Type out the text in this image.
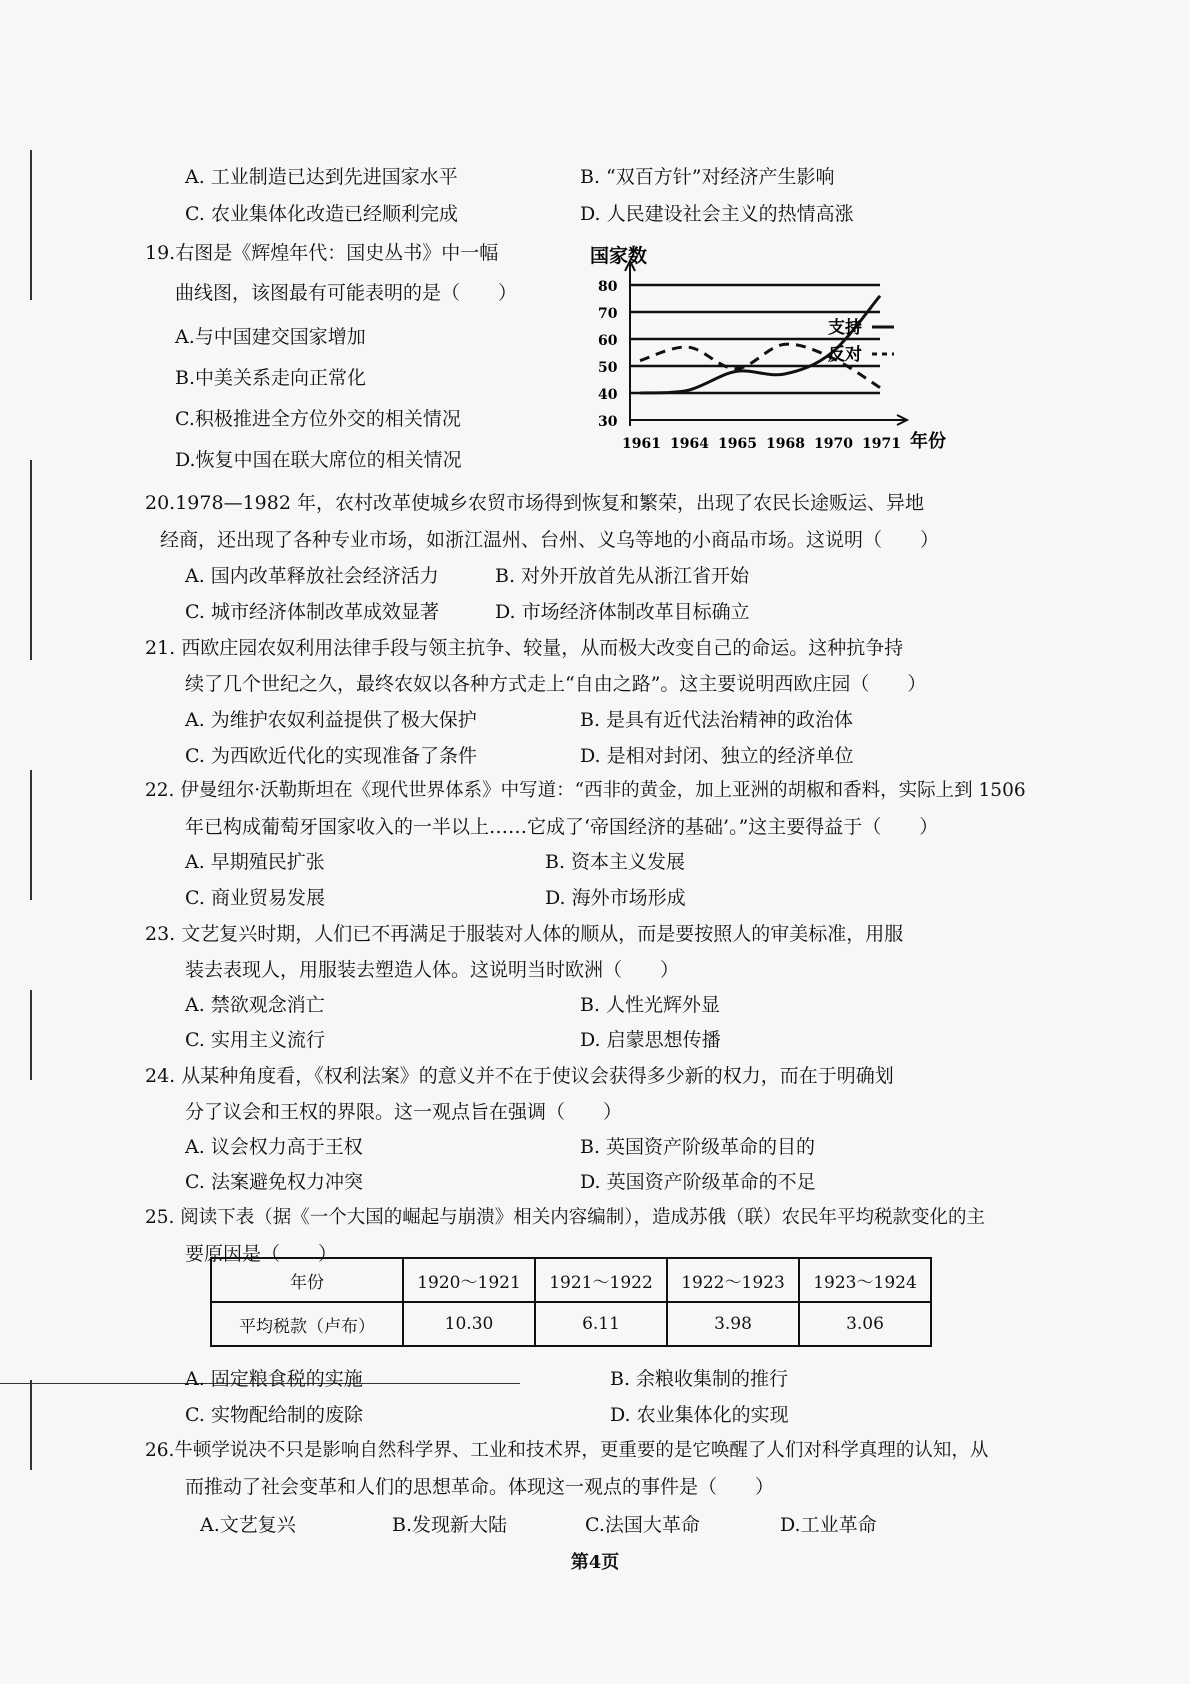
A. 工业制造已达到先进国家水平	B. “双百方针”对经济产生影响
C. 农业集体化改造已经顺利完成	D. 人民建设社会主义的热情高涨
19.右图是《辉煌年代：国史丛书》中一幅
曲线图，该图最有可能表明的是（　　）
A.与中国建交国家增加
B.中美关系走向正常化
C.积极推进全方位外交的相关情况
D.恢复中国在联大席位的相关情况
国家数
80
70
60
50
40
30
1961 1964 1965 1968 1970 1971
支持
反对
年份
20.1978—1982 年，农村改革使城乡农贸市场得到恢复和繁荣，出现了农民长途贩运、异地
经商，还出现了各种专业市场，如浙江温州、台州、义乌等地的小商品市场。这说明（　　）
A. 国内改革释放社会经济活力	B. 对外开放首先从浙江省开始
C. 城市经济体制改革成效显著	D. 市场经济体制改革目标确立
21. 西欧庄园农奴利用法律手段与领主抗争、较量，从而极大改变自己的命运。这种抗争持
续了几个世纪之久，最终农奴以各种方式走上“自由之路”。这主要说明西欧庄园（　　）
A. 为维护农奴利益提供了极大保护	B. 是具有近代法治精神的政治体
C. 为西欧近代化的实现准备了条件	D. 是相对封闭、独立的经济单位
22. 伊曼纽尔·沃勒斯坦在《现代世界体系》中写道：“西非的黄金，加上亚洲的胡椒和香料，实际上到 1506
年已构成葡萄牙国家收入的一半以上……它成了‘帝国经济的基础’。”这主要得益于（　　）
A. 早期殖民扩张	B. 资本主义发展
C. 商业贸易发展	D. 海外市场形成
23. 文艺复兴时期，人们已不再满足于服装对人体的顺从，而是要按照人的审美标准，用服
装去表现人，用服装去塑造人体。这说明当时欧洲（　　）
A. 禁欲观念消亡	B. 人性光辉外显
C. 实用主义流行	D. 启蒙思想传播
24. 从某种角度看，《权利法案》的意义并不在于使议会获得多少新的权力，而在于明确划
分了议会和王权的界限。这一观点旨在强调（　　）
A. 议会权力高于王权	B. 英国资产阶级革命的目的
C. 法案避免权力冲突	D. 英国资产阶级革命的不足
25. 阅读下表（据《一个大国的崛起与崩溃》相关内容编制），造成苏俄（联）农民年平均税款变化的主
要原因是（　　）
年份	1920～1921	1921～1922	1922～1923	1923～1924
平均税款（卢布）	10.30	6.11	3.98	3.06
A. 固定粮食税的实施	B. 余粮收集制的推行
C. 实物配给制的废除	D. 农业集体化的实现
26.牛顿学说决不只是影响自然科学界、工业和技术界，更重要的是它唤醒了人们对科学真理的认知，从
而推动了社会变革和人们的思想革命。体现这一观点的事件是（　　）
A.文艺复兴	B.发现新大陆	C.法国大革命	D.工业革命
第4页
